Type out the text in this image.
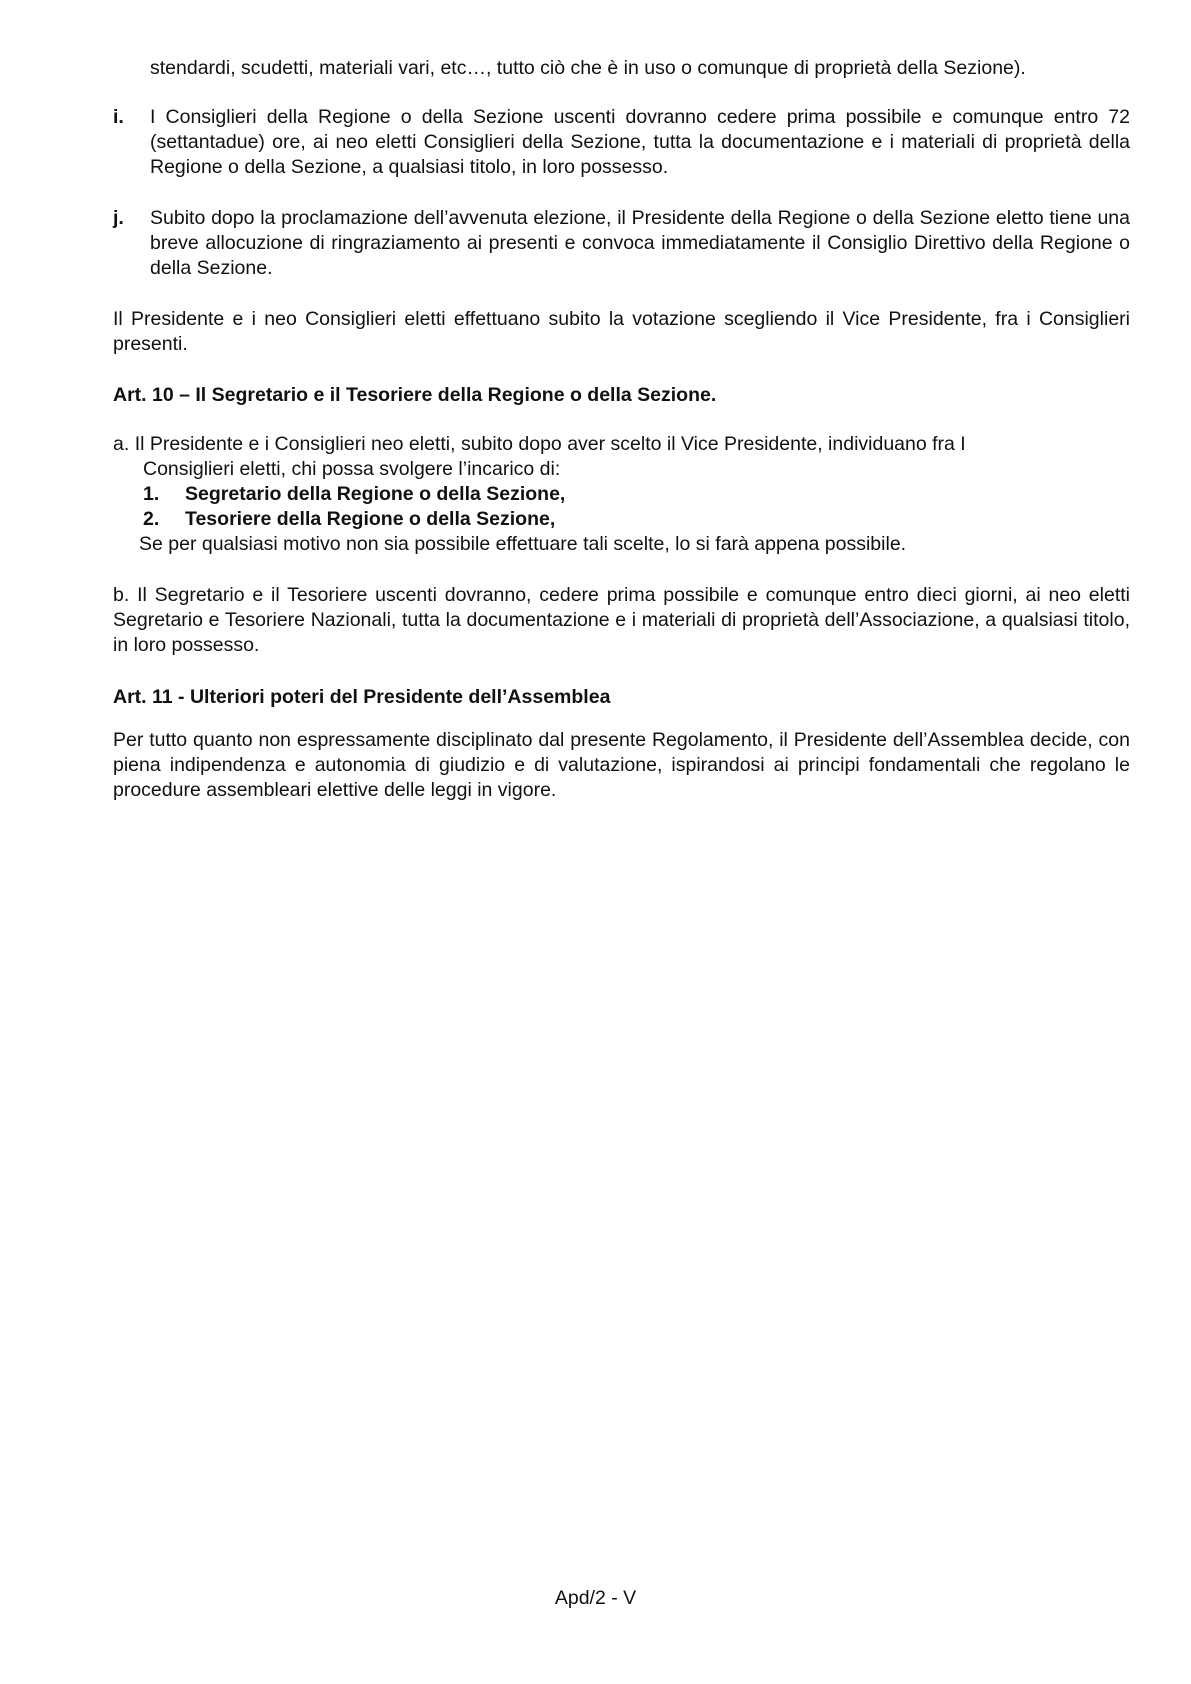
stendardi, scudetti, materiali vari, etc…, tutto ciò che è in uso o comunque di proprietà della Sezione).
i. I Consiglieri della Regione o della Sezione uscenti dovranno cedere prima possibile e comunque entro 72 (settantadue) ore, ai neo eletti Consiglieri della Sezione, tutta la documentazione e i materiali di proprietà della Regione o della Sezione, a qualsiasi titolo, in loro possesso.
j. Subito dopo la proclamazione dell’avvenuta elezione, il Presidente della Regione o della Sezione eletto tiene una breve allocuzione di ringraziamento ai presenti e convoca immediatamente il Consiglio Direttivo della Regione o della Sezione.
Il Presidente e i neo Consiglieri eletti effettuano subito la votazione scegliendo il Vice Presidente, fra i Consiglieri presenti.
Art. 10 – Il Segretario e il Tesoriere della Regione o della Sezione.
a. Il Presidente e i Consiglieri neo eletti, subito dopo aver scelto il Vice Presidente, individuano fra I
Consiglieri eletti, chi possa svolgere l’incarico di:
1. Segretario della Regione o della Sezione,
2. Tesoriere della Regione o della Sezione,
Se per qualsiasi motivo non sia possibile effettuare tali scelte, lo si farà appena possibile.
b. Il Segretario e il Tesoriere uscenti dovranno, cedere prima possibile e comunque entro dieci giorni, ai neo eletti Segretario e Tesoriere Nazionali, tutta la documentazione e i materiali di proprietà dell’Associazione, a qualsiasi titolo, in loro possesso.
Art. 11 - Ulteriori poteri del Presidente dell’Assemblea
Per tutto quanto non espressamente disciplinato dal presente Regolamento, il Presidente dell’Assemblea decide, con piena indipendenza e autonomia di giudizio e di valutazione, ispirandosi ai principi fondamentali che regolano le procedure assembleari elettive delle leggi in vigore.
Apd/2 - V
